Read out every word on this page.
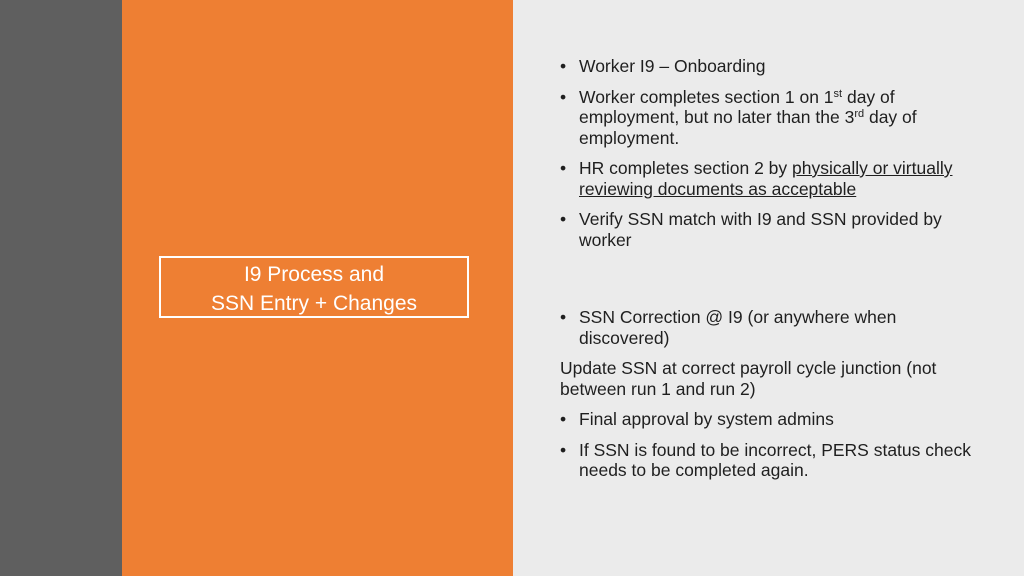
I9 Process and
SSN Entry + Changes
• Worker I9 – Onboarding
• Worker completes section 1 on 1st day of employment, but no later than the 3rd day of employment.
• HR completes section 2 by physically or virtually reviewing documents as acceptable
• Verify SSN match with I9 and SSN provided by worker
• SSN Correction @ I9 (or anywhere when discovered)
Update SSN at correct payroll cycle junction (not between run 1 and run 2)
• Final approval by system admins
• If SSN is found to be incorrect, PERS status check needs to be completed again.
